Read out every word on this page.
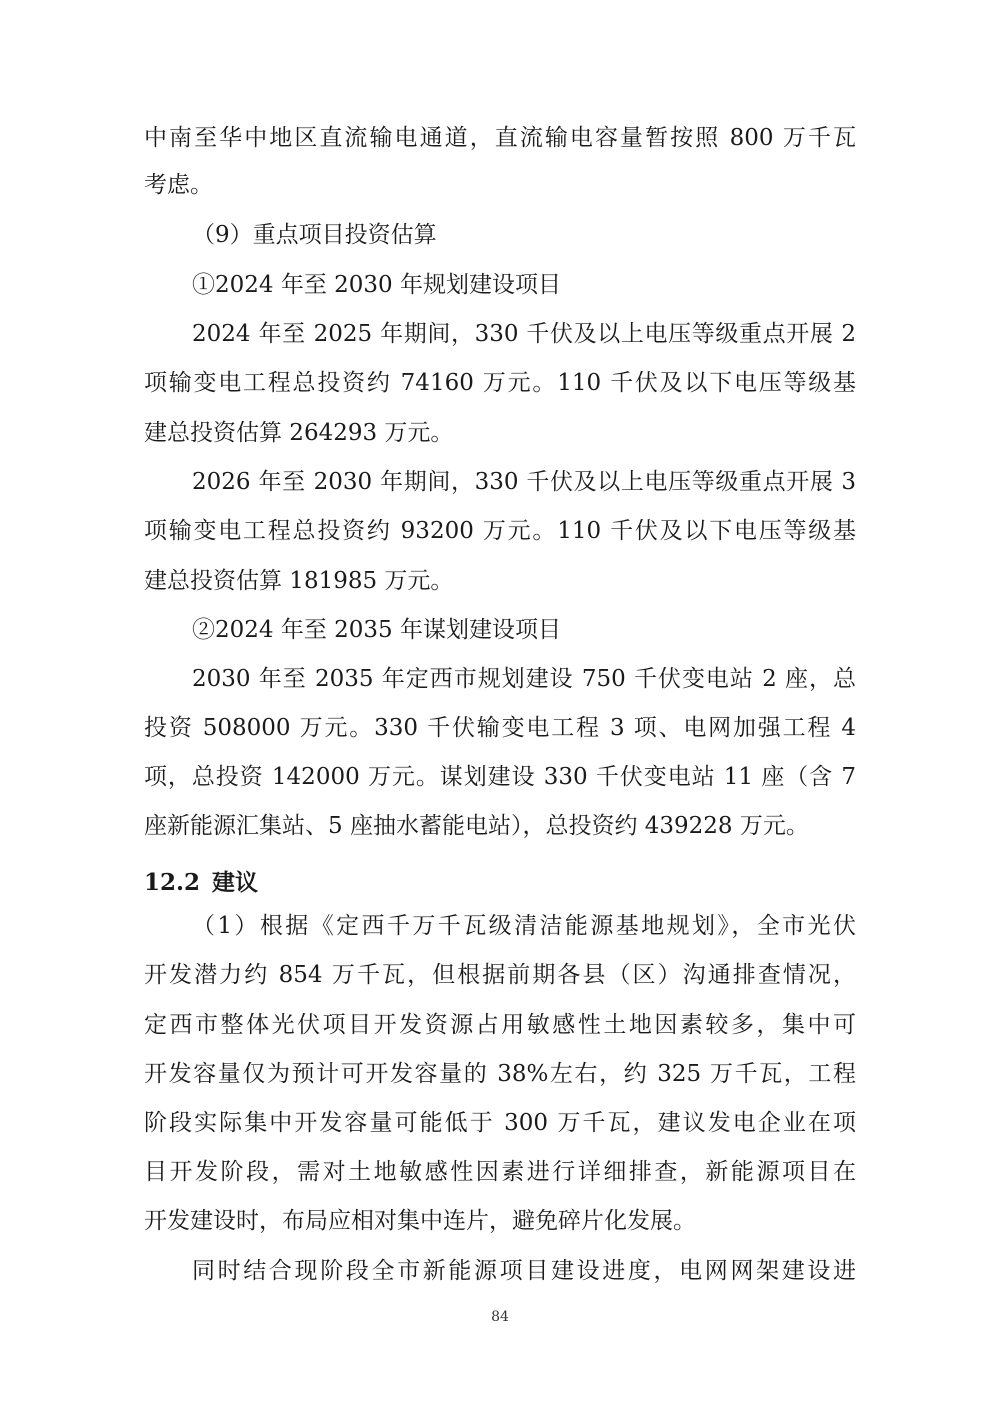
中南至华中地区直流输电通道，直流输电容量暂按照 800 万千瓦
考虑。
（9）重点项目投资估算
①2024 年至 2030 年规划建设项目
2024 年至 2025 年期间，330 千伏及以上电压等级重点开展 2
项输变电工程总投资约 74160 万元。110 千伏及以下电压等级基
建总投资估算 264293 万元。
2026 年至 2030 年期间，330 千伏及以上电压等级重点开展 3
项输变电工程总投资约 93200 万元。110 千伏及以下电压等级基
建总投资估算 181985 万元。
②2024 年至 2035 年谋划建设项目
2030 年至 2035 年定西市规划建设 750 千伏变电站 2 座，总
投资 508000 万元。330 千伏输变电工程 3 项、电网加强工程 4
项，总投资 142000 万元。谋划建设 330 千伏变电站 11 座（含 7
座新能源汇集站、5 座抽水蓄能电站），总投资约 439228 万元。
12.2 建议
（1）根据《定西千万千瓦级清洁能源基地规划》，全市光伏
开发潜力约 854 万千瓦，但根据前期各县（区）沟通排查情况，
定西市整体光伏项目开发资源占用敏感性土地因素较多，集中可
开发容量仅为预计可开发容量的 38%左右，约 325 万千瓦，工程
阶段实际集中开发容量可能低于 300 万千瓦，建议发电企业在项
目开发阶段，需对土地敏感性因素进行详细排查，新能源项目在
开发建设时，布局应相对集中连片，避免碎片化发展。
同时结合现阶段全市新能源项目建设进度，电网网架建设进
84
